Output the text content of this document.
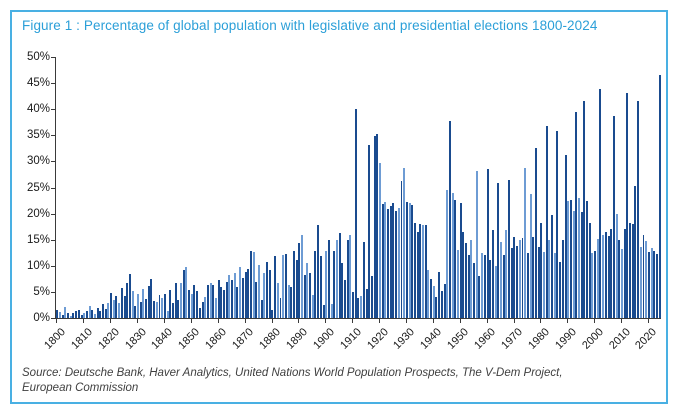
Figure 1 : Percentage of global population with legislative and presidential elections 1800-2024
Source: Deutsche Bank, Haver Analytics, United Nations World Population Prospects, The V-Dem Project, European Commission
0%
5%
10%
15%
20%
25%
30%
35%
40%
45%
50%
1800 1810 1820 1830 1840 1850 1860 1870 1880 1890 1900 1910 1920 1930 1940 1950 1960 1970 1980 1990 2000 2010 2020
